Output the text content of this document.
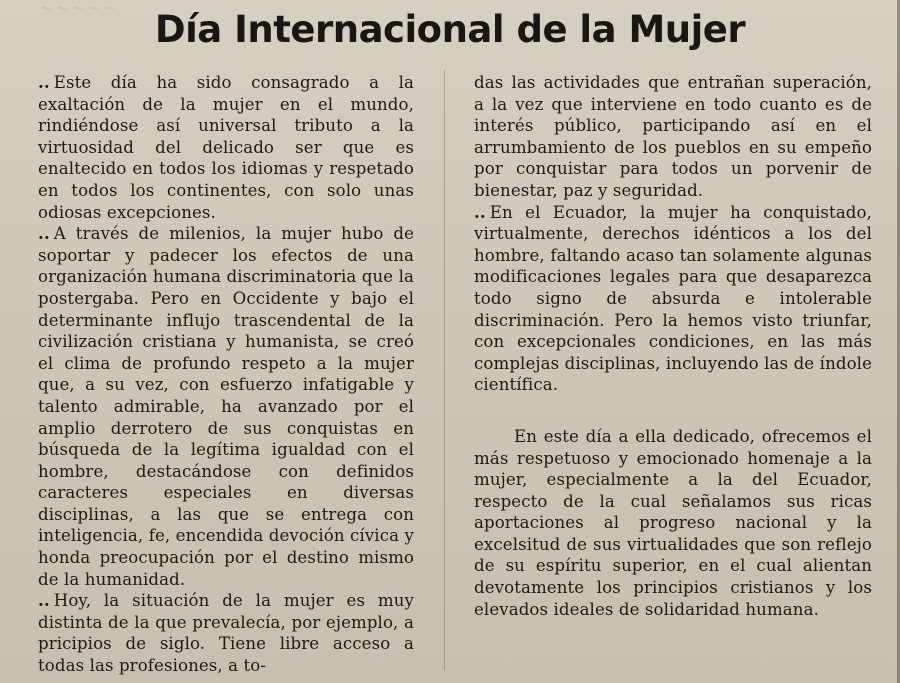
〜 〜 〜 〜 〜	Día Internacional de la Mujer

.. Este día ha sido consagrado a la exaltación de la mujer en el mundo, rindiéndose así universal tributo a la virtuosidad del delicado ser que es enaltecido en todos los idiomas y respetado en todos los continentes, con solo unas odiosas excepciones.

.. A través de milenios, la mujer hubo de soportar y padecer los efectos de una organización humana discriminatoria que la postergaba. Pero en Occidente y bajo el determinante influjo trascendental de la civilización cristiana y humanista, se creó el clima de profundo respeto a la mujer que, a su vez, con esfuerzo infatigable y talento admirable, ha avanzado por el amplio derrotero de sus conquistas en búsqueda de la legítima igualdad con el hombre, destacándose con definidos caracteres especiales en diversas disciplinas, a las que se entrega con inteligencia, fe, encendida devoción cívica y honda preocupación por el destino mismo de la humanidad.

.. Hoy, la situación de la mujer es muy distinta de la que prevalecía, por ejemplo, a pricipios de siglo. Tiene libre acceso a todas las profesiones, a to-

das las actividades que entrañan superación, a la vez que interviene en todo cuanto es de interés público, participando así en el arrumbamiento de los pueblos en su empeño por conquistar para todos un porvenir de bienestar, paz y seguridad.

.. En el Ecuador, la mujer ha conquistado, virtualmente, derechos idénticos a los del hombre, faltando acaso tan solamente algunas modificaciones legales para que desaparezca todo signo de absurda e intolerable discriminación. Pero la hemos visto triunfar, con excepcionales condiciones, en las más complejas disciplinas, incluyendo las de índole científica.

En este día a ella dedicado, ofrecemos el más respetuoso y emocionado homenaje a la mujer, especialmente a la del Ecuador, respecto de la cual señalamos sus ricas aportaciones al progreso nacional y la excelsitud de sus virtualidades que son reflejo de su espíritu superior, en el cual alientan devotamente los principios cristianos y los elevados ideales de solidaridad humana.
